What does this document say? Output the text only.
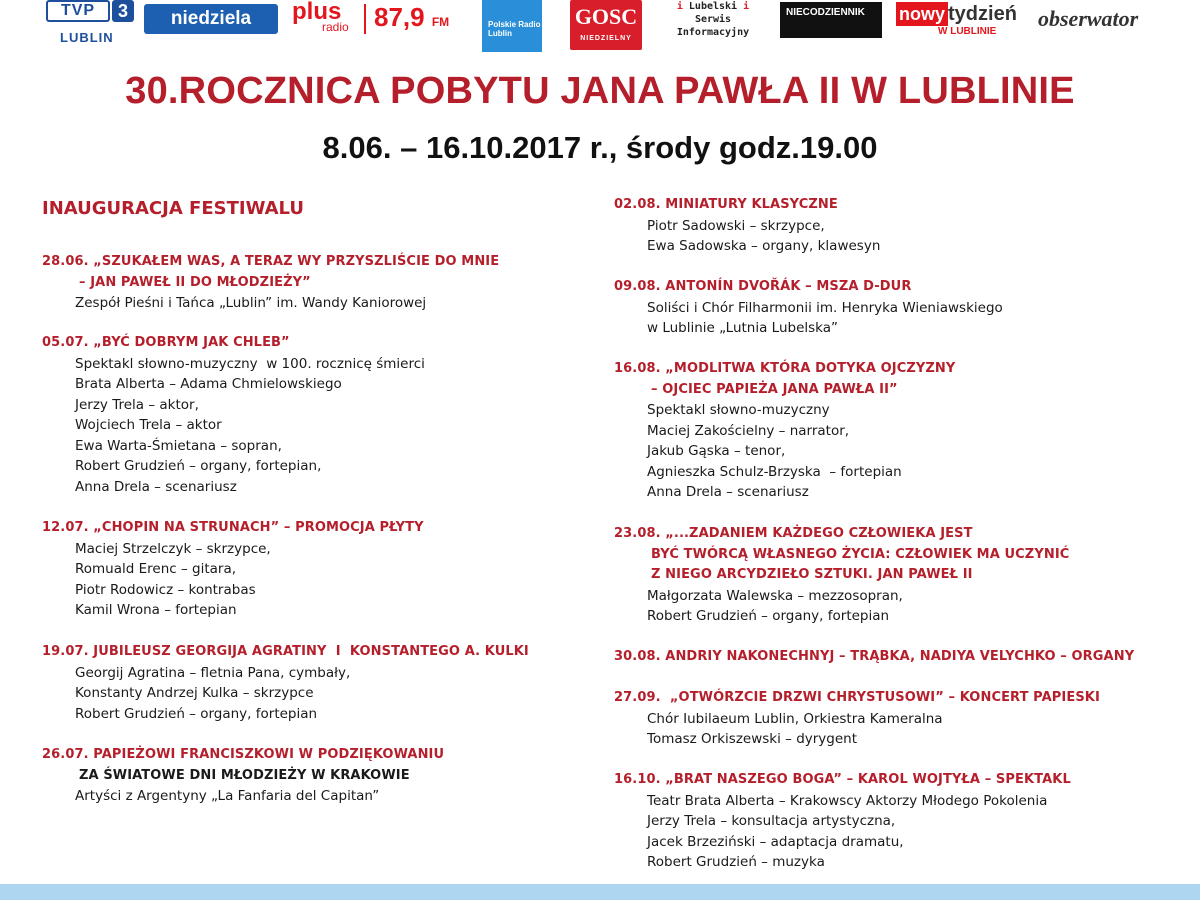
TVP	3
LUBLIN
niedziela	plus
radio 87,9 FM	Polskie Radio Lublin
GOSC
NIEDZIELNY
i Lubelski i
Serwis
Informacyjny
NIECODZIENNIK	nowy tydzień
W LUBLINIE
obserwator
30.ROCZNICA POBYTU JANA PAWŁA II W LUBLINIE
8.06. – 16.10.2017 r., środy godz.19.00
INAUGURACJA FESTIWALU
28.06. „SZUKAŁEM WAS, A TERAZ WY PRZYSZLIŚCIE DO MNIE
– JAN PAWEŁ II DO MŁODZIEŻY”
Zespół Pieśni i Tańca „Lublin” im. Wandy Kaniorowej
05.07. „BYĆ DOBRYM JAK CHLEB”
Spektakl słowno-muzyczny  w 100. rocznicę śmierci
Brata Alberta – Adama Chmielowskiego
Jerzy Trela – aktor,
Wojciech Trela – aktor
Ewa Warta-Śmietana – sopran,
Robert Grudzień – organy, fortepian,
Anna Drela – scenariusz
12.07. „CHOPIN NA STRUNACH” – PROMOCJA PŁYTY
Maciej Strzelczyk – skrzypce,
Romuald Erenc – gitara,
Piotr Rodowicz – kontrabas
Kamil Wrona – fortepian
19.07. JUBILEUSZ GEORGIJA AGRATINY  I  KONSTANTEGO A. KULKI
Georgij Agratina – fletnia Pana, cymbały,
Konstanty Andrzej Kulka – skrzypce
Robert Grudzień – organy, fortepian
26.07. PAPIEŻOWI FRANCISZKOWI W PODZIĘKOWANIU
ZA ŚWIATOWE DNI MŁODZIEŻY W KRAKOWIE
Artyści z Argentyny „La Fanfaria del Capitan”
02.08. MINIATURY KLASYCZNE
Piotr Sadowski – skrzypce,
Ewa Sadowska – organy, klawesyn
09.08. ANTONÍN DVOŘÁK – MSZA D-DUR
Soliści i Chór Filharmonii im. Henryka Wieniawskiego
w Lublinie „Lutnia Lubelska”
16.08. „MODLITWA KTÓRA DOTYKA OJCZYZNY
– OJCIEC PAPIEŻA JANA PAWŁA II”
Spektakl słowno-muzyczny
Maciej Zakościelny – narrator,
Jakub Gąska – tenor,
Agnieszka Schulz-Brzyska  – fortepian
Anna Drela – scenariusz
23.08. „...ZADANIEM KAŻDEGO CZŁOWIEKA JEST
BYĆ TWÓRCĄ WŁASNEGO ŻYCIA: CZŁOWIEK MA UCZYNIĆ
Z NIEGO ARCYDZIEŁO SZTUKI. JAN PAWEŁ II
Małgorzata Walewska – mezzosopran,
Robert Grudzień – organy, fortepian
30.08. ANDRIY NAKONECHNYJ – TRĄBKA, NADIYA VELYCHKO – ORGANY
27.09.  „OTWÓRZCIE DRZWI CHRYSTUSOWI” – KONCERT PAPIESKI
Chór Iubilaeum Lublin, Orkiestra Kameralna
Tomasz Orkiszewski – dyrygent
16.10. „BRAT NASZEGO BOGA” – KAROL WOJTYŁA – SPEKTAKL
Teatr Brata Alberta – Krakowscy Aktorzy Młodego Pokolenia
Jerzy Trela – konsultacja artystyczna,
Jacek Brzeziński – adaptacja dramatu,
Robert Grudzień – muzyka
